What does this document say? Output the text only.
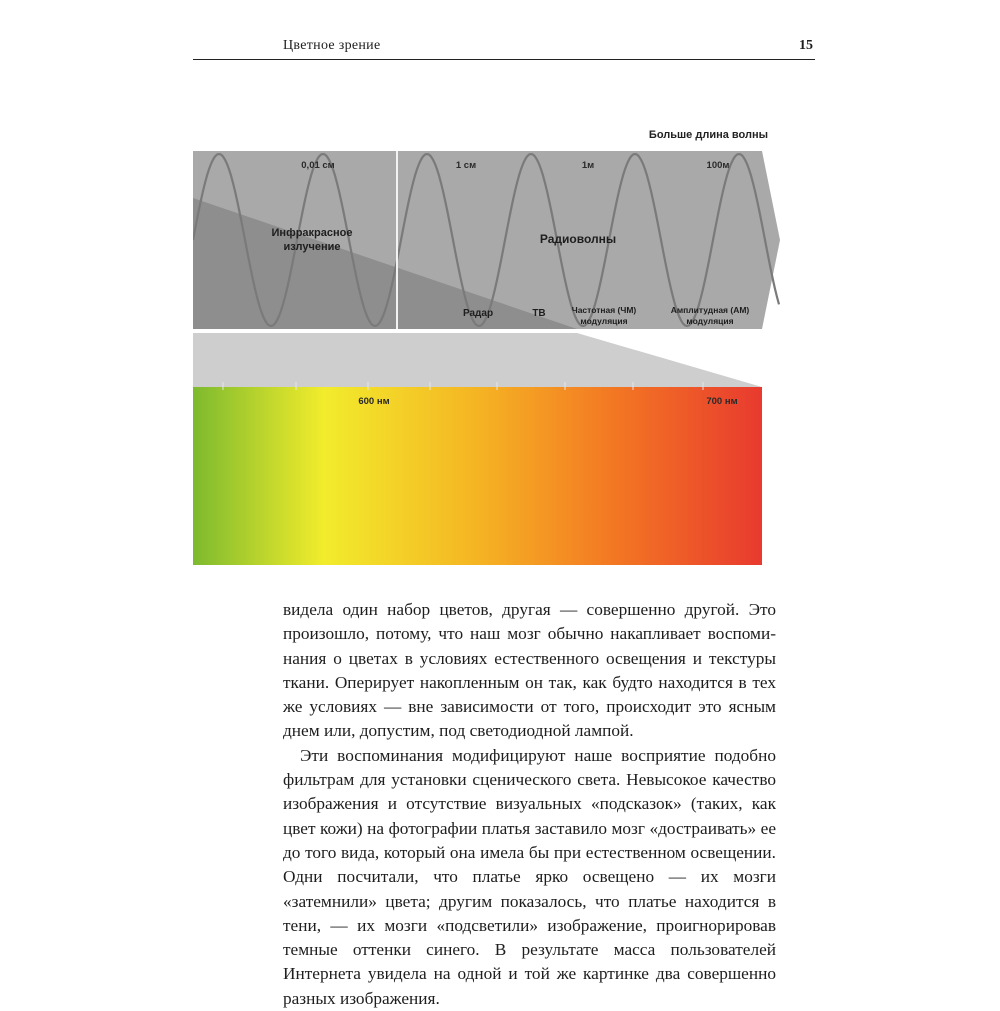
Цветное зрение	15
Больше длина волны
0,01 см	1 см	1м	100м
Инфракрасное
излучение
Радиоволны
Радар	ТВ	Частотная (ЧМ)
модуляция
Амплитудная (АМ)
модуляция
600 нм	700 нм

видела один набор цветов, другая — совершенно другой. Это произошло, потому, что наш мозг обычно накапливает воспоминания о цветах в условиях естественного освещения и текстуры ткани. Оперирует накопленным он так, как будто находится в тех же условиях — вне зависимости от того, происходит это ясным днем или, допустим, под светодиодной лампой.

Эти воспоминания модифицируют наше восприятие подобно фильтрам для установки сценического света. Невысокое качество изображения и отсутствие визуальных «подсказок» (таких, как цвет кожи) на фотографии платья заставило мозг «дострaивать» ее до того вида, который она имела бы при естественном освещении. Одни посчитали, что платье ярко освещено — их мозги «затемнили» цвета; другим показалось, что платье находится в тени, — их мозги «подсветили» изображение, проигнорировав темные оттенки синего. В результате масса пользователей Интернета увидела на одной и той же картинке два совершенно разных изображения.
